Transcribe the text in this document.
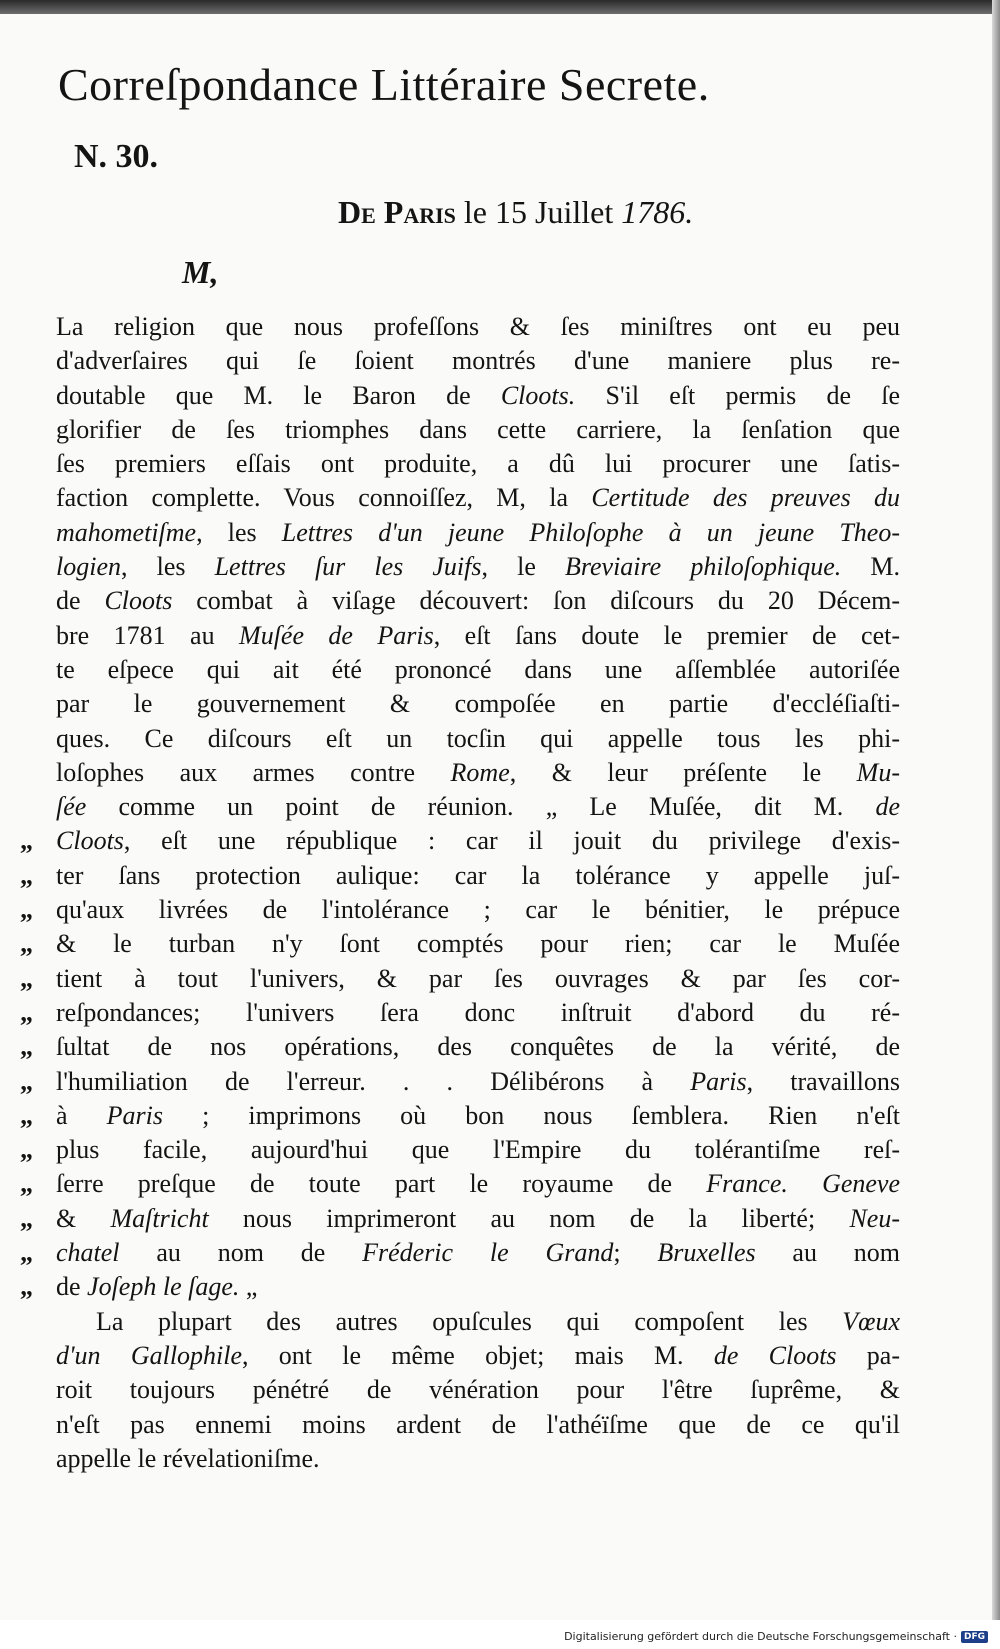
Correſpondance Littéraire Secrete.
N. 30.
De Paris le 15 Juillet 1786.
M,
La religion que nous profeſſons & ſes miniſtres ont eu peu
d'adverſaires qui ſe ſoient montrés d'une maniere plus re-
doutable que M. le Baron de Cloots. S'il eſt permis de ſe
glorifier de ſes triomphes dans cette carriere, la ſenſation que
ſes premiers eſſais ont produite, a dû lui procurer une ſatis-
faction complette. Vous connoiſſez, M, la Certitude des preuves du
mahometiſme, les Lettres d'un jeune Philoſophe à un jeune Theo-
logien, les Lettres ſur les Juifs, le Breviaire philoſophique. M.
de Cloots combat à viſage découvert: ſon diſcours du 20 Décem-
bre 1781 au Muſée de Paris, eſt ſans doute le premier de cet-
te eſpece qui ait été prononcé dans une aſſemblée autoriſée
par le gouvernement & compoſée en partie d'eccléſiaſti-
ques. Ce diſcours eſt un tocſin qui appelle tous les phi-
loſophes aux armes contre Rome, & leur préſente le Mu-
ſée comme un point de réunion. „ Le Muſée, dit M. de
„ Cloots, eſt une république : car il jouit du privilege d'exis-
„ ter ſans protection aulique: car la tolérance y appelle juſ-
„ qu'aux livrées de l'intolérance ; car le bénitier, le prépuce
„ & le turban n'y ſont comptés pour rien; car le Muſée
„ tient à tout l'univers, & par ſes ouvrages & par ſes cor-
„ reſpondances; l'univers ſera donc inſtruit d'abord du ré-
„ ſultat de nos opérations, des conquêtes de la vérité, de
„ l'humiliation de l'erreur. . . Délibérons à Paris, travaillons
„ à Paris ; imprimons où bon nous ſemblera. Rien n'eſt
„ plus facile, aujourd'hui que l'Empire du tolérantiſme reſ-
„ ſerre preſque de toute part le royaume de France. Geneve
„ & Maſtricht nous imprimeront au nom de la liberté; Neu-
„ chatel au nom de Fréderic le Grand; Bruxelles au nom
„ de Joſeph le ſage. „
La plupart des autres opuſcules qui compoſent les Vœux
d'un Gallophile, ont le même objet; mais M. de Cloots pa-
roit toujours pénétré de vénération pour l'être ſuprême, &
n'eſt pas ennemi moins ardent de l'athéïſme que de ce qu'il
appelle le révelationiſme.
Digitalisierung gefördert durch die Deutsche Forschungsgemeinschaft · DFG
